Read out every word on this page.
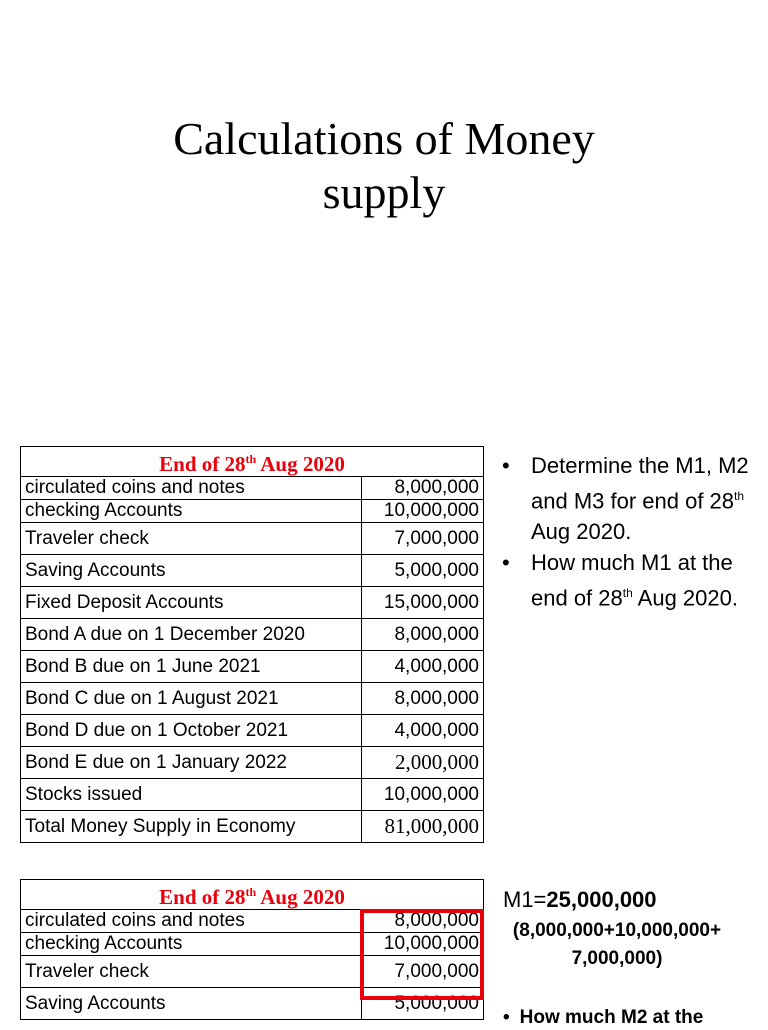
Calculations of Money
supply
End of 28th Aug 2020	
circulated coins and notes	8,000,000
checking Accounts	10,000,000
Traveler check	7,000,000
Saving Accounts	5,000,000
Fixed Deposit Accounts	15,000,000
Bond A due on 1 December 2020	8,000,000
Bond B due on 1 June 2021	4,000,000
Bond C due on 1 August 2021	8,000,000
Bond D due on 1 October 2021	4,000,000
Bond E due on 1 January 2022	2,000,000
Stocks issued	10,000,000
Total Money Supply in Economy	81,000,000
• Determine the M1, M2 and M3 for end of 28th Aug 2020.
• How much M1 at the end of 28th Aug 2020.
End of 28th Aug 2020	
circulated coins and notes	8,000,000
checking Accounts	10,000,000
Traveler check	7,000,000
Saving Accounts	5,000,000
M1=25,000,000
(8,000,000+10,000,000+
7,000,000)
• How much M2 at the
